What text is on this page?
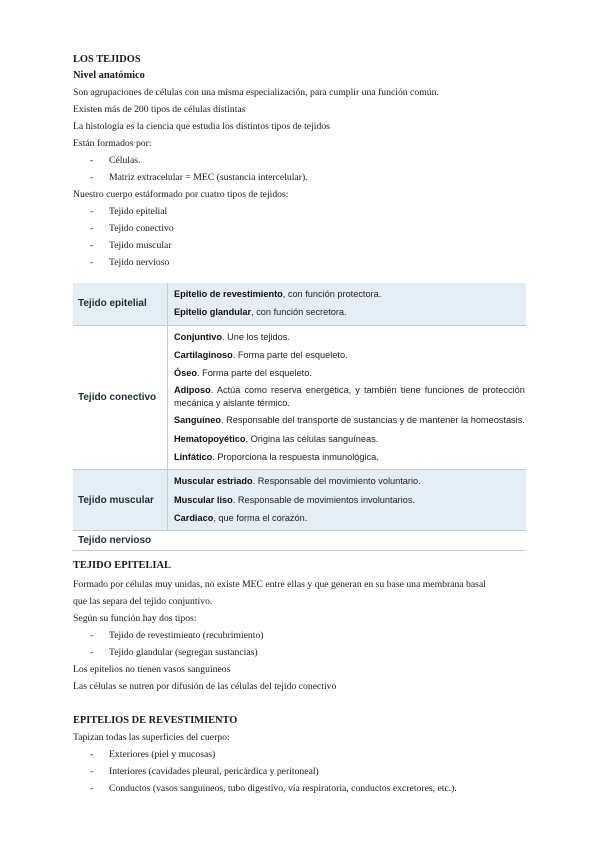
LOS TEJIDOS

Nivel anatómico

Son agrupaciones de células con una misma especialización, para cumplir una función común.

Existen más de 200 tipos de células distintas

La histología es la ciencia que estudia los distintos tipos de tejidos

Están formados por:

- Células.

- Matriz extracelular = MEC (sustancia intercelular).

Nuestro cuerpo estáformado por cuatro tipos de tejidos:

- Tejido epitelial

- Tejido conectivo

- Tejido muscular

- Tejido nervioso

Tejido epitelial
Epitelio de revestimiento, con función protectora.
Epitelio glandular, con función secretora.
Tejido conectivo
Conjuntivo. Une los tejidos.
Cartilaginoso. Forma parte del esqueleto.
Óseo. Forma parte del esqueleto.
Adiposo. Actúa como reserva energética, y también tiene funciones de protección mecánica y aislante térmico.
Sanguíneo. Responsable del transporte de sustancias y de mantener la homeostasis.
Hematopoyético. Origina las células sanguíneas.
Linfático. Proporciona la respuesta inmunológica.
Tejido muscular
Muscular estriado. Responsable del movimiento voluntario.
Muscular liso. Responsable de movimientos involuntarios.
Cardiaco, que forma el corazón.
Tejido nervioso

TEJIDO EPITELIAL

Formado por células muy unidas, no existe MEC entre ellas y que generan en su base una membrana basal

que las separa del tejido conjuntivo.

Según su función hay dos tipos:

- Tejido de revestimiento (recubrimiento)

- Tejido glandular (segregan sustancias)

Los epitelios no tienen vasos sanguíneos

Las células se nutren por difusión de las células del tejido conectivo

EPITELIOS DE REVESTIMIENTO

Tapizan todas las superficies del cuerpo:

- Exteriores (piel y mucosas)

- Interiores (cavidades pleural, pericárdica y peritoneal)

- Conductos (vasos sanguíneos, tubo digestivo, vía respiratoria, conductos excretores, etc.).
